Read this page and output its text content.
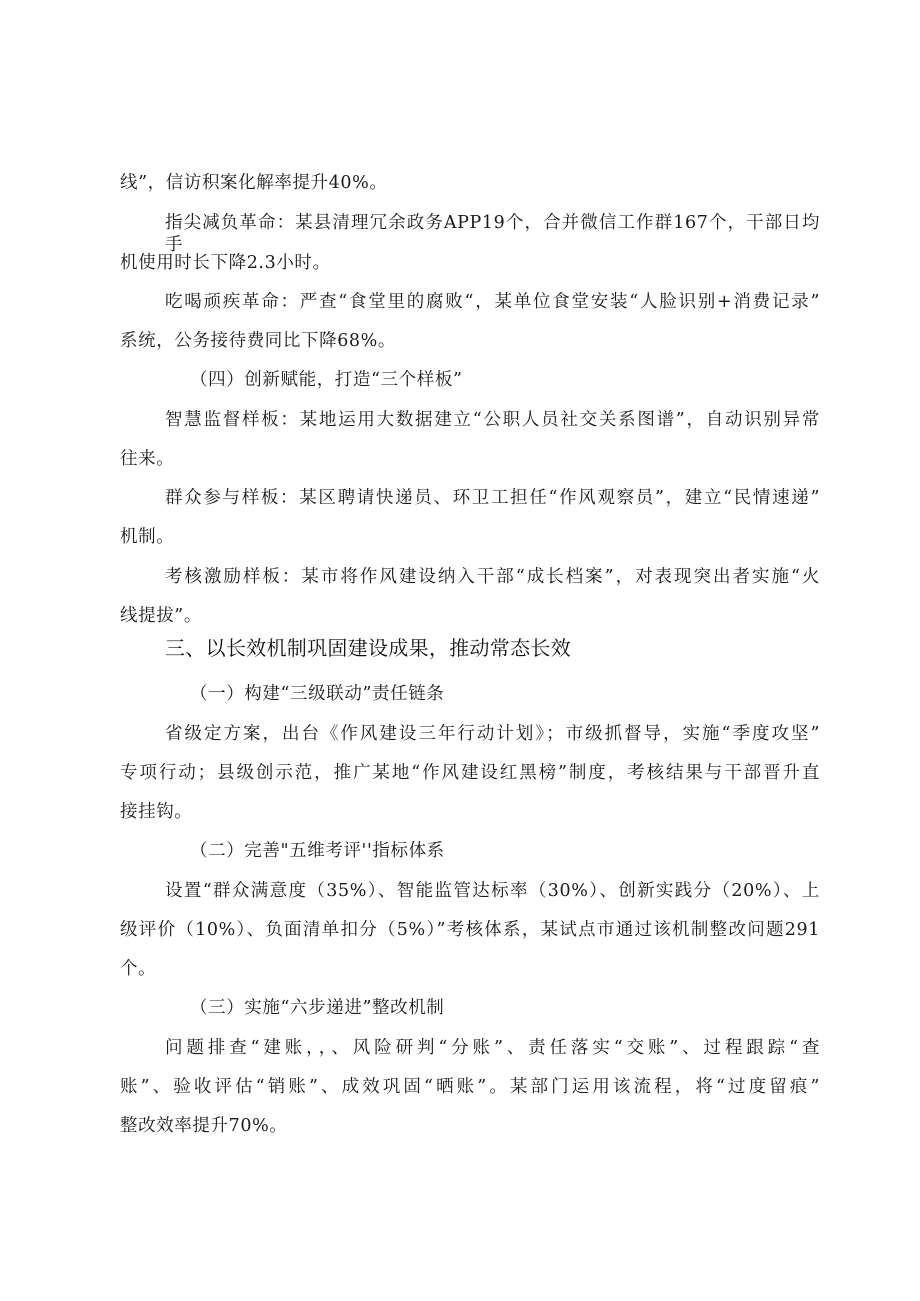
线”，信访积案化解率提升40%。
指尖减负革命：某县清理冗余政务APP19个，合并微信工作群167个，干部日均手
机使用时长下降2.3小时。
吃喝顽疾革命：严查“食堂里的腐败“，某单位食堂安装“人脸识别+消费记录”
系统，公务接待费同比下降68%。
（四）创新赋能，打造“三个样板”
智慧监督样板：某地运用大数据建立“公职人员社交关系图谱”，自动识别异常
往来。
群众参与样板：某区聘请快递员、环卫工担任“作风观察员”，建立“民情速递”
机制。
考核激励样板：某市将作风建设纳入干部“成长档案”，对表现突出者实施“火
线提拔”。
三、以长效机制巩固建设成果，推动常态长效
（一）构建“三级联动”责任链条
省级定方案，出台《作风建设三年行动计划》；市级抓督导，实施“季度攻坚”
专项行动；县级创示范，推广某地“作风建设红黑榜”制度，考核结果与干部晋升直
接挂钩。
（二）完善"五维考评''指标体系
设置“群众满意度（35%）、智能监管达标率（30%）、创新实践分（20%）、上
级评价（10%）、负面清单扣分（5%）”考核体系，某试点市通过该机制整改问题291
个。
（三）实施“六步递进”整改机制
问题排查“建账，，、风险研判“分账”、责任落实“交账”、过程跟踪“查
账”、验收评估“销账”、成效巩固“晒账”。某部门运用该流程，将“过度留痕”
整改效率提升70%。
